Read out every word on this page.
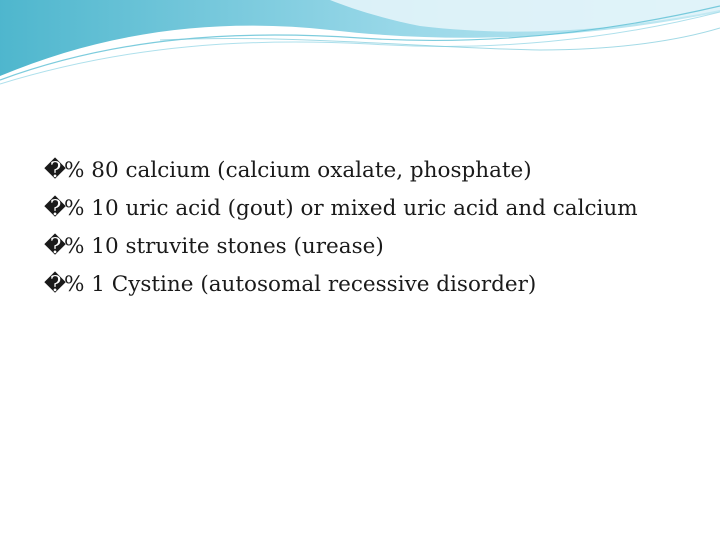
�% 80 calcium (calcium oxalate, phosphate)
�% 10 uric acid (gout) or mixed uric acid and calcium
�% 10 struvite stones (urease)
�% 1 Cystine (autosomal recessive disorder)
